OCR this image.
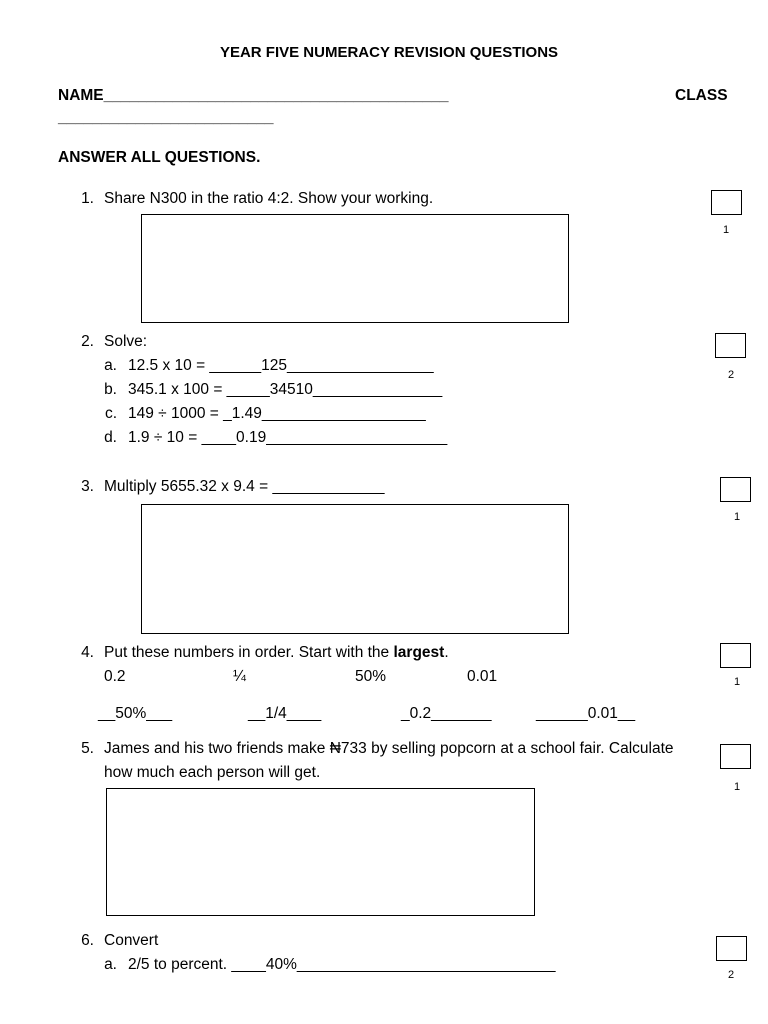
YEAR FIVE NUMERACY REVISION QUESTIONS
NAME________________________________________	CLASS
_________________________
ANSWER ALL QUESTIONS.
1. Share N300 in the ratio 4:2. Show your working.
1
2. Solve:
2
a. 12.5 x 10 = ______125_________________
b. 345.1 x 100 = _____34510_______________
c. 149 ÷ 1000 = _1.49___________________
d. 1.9 ÷ 10 = ____0.19_____________________
3. Multiply 5655.32 x 9.4 = _____________
1
4. Put these numbers in order. Start with the largest.
1
0.2	¼	50%	0.01
__50%___	__1/4____	_0.2_______	______0.01__
5. James and his two friends make ₦733 by selling popcorn at a school fair. Calculate
how much each person will get.
1
6. Convert
2
a. 2/5 to percent. ____40%______________________________
